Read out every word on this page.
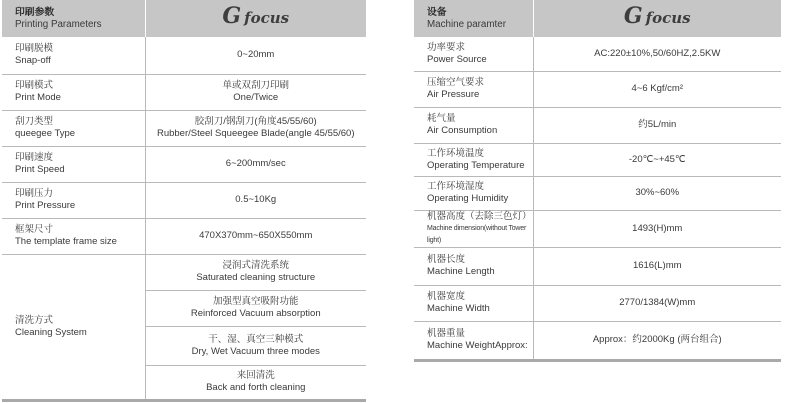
印刷参数
Printing Parameters	G focus

印刷脱模
Snap-off	0~20mm

印刷模式
Print Mode	单或双刮刀印刷
One/Twice

刮刀类型
queegee Type	胶刮刀/钢刮刀(角度45/55/60)
Rubber/Steel Squeegee Blade(angle 45/55/60)

印刷速度
Print Speed	6~200mm/sec

印刷压力
Print Pressure	0.5~10Kg

框架尺寸
The template frame size	470X370mm~650X550mm

清洗方式
Cleaning System	浸润式清洗系统
Saturated cleaning structure

	加强型真空吸附功能
Reinforced Vacuum absorption

	干、湿、真空三种模式
Dry, Wet Vacuum three modes

	来回清洗
Back and forth cleaning
设备
Machine paramter	G focus

功率要求
Power Source	AC:220±10%,50/60HZ,2.5KW

压缩空气要求
Air Pressure	4~6 Kgf/cm²

耗气量
Air Consumption	约5L/min

工作环境温度
Operating Temperature	-20℃~+45℃

工作环境湿度
Operating Humidity	30%~60%

机器高度（去除三色灯）
Machine dimension(without Tower light)	1493(H)mm

机器长度
Machine Length	1616(L)mm

机器宽度
Machine Width	2770/1384(W)mm

机器重量
Machine WeightApprox:	Approx：约2000Kg (两台组合)
